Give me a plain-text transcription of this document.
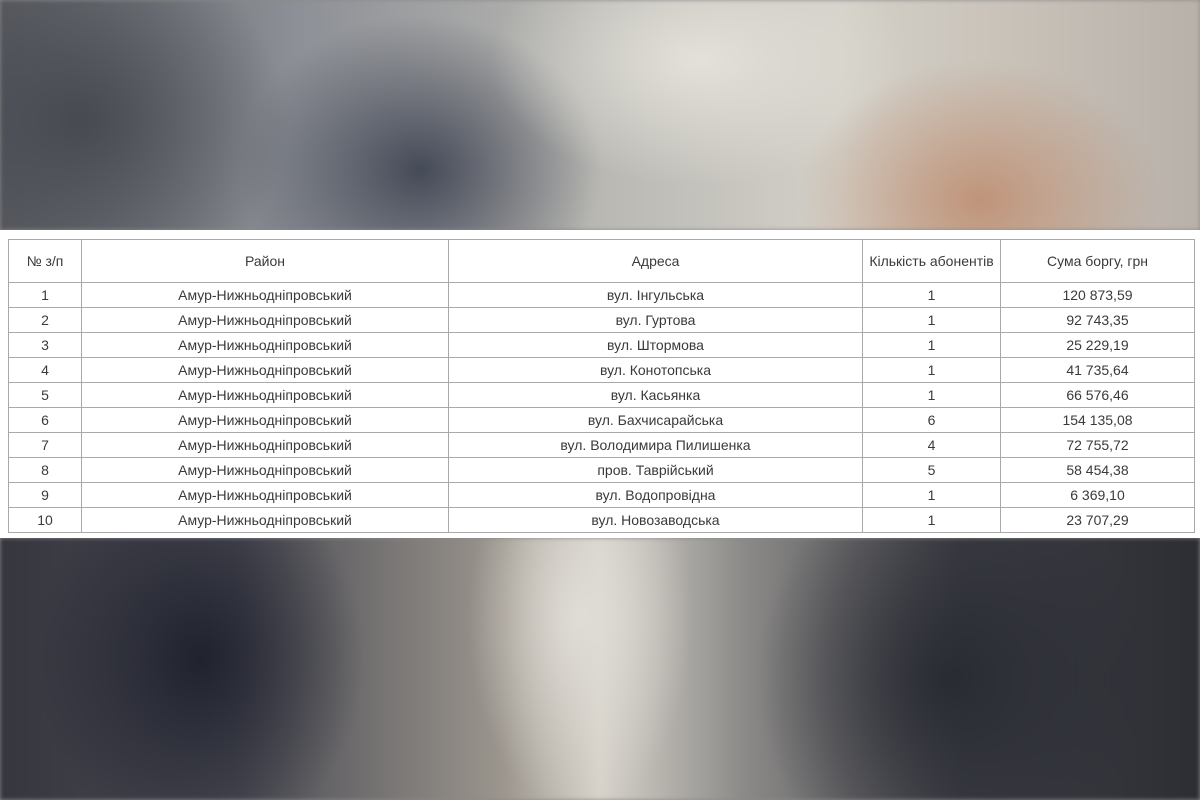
№ з/п	Район	Адреса	Кількість абонентів	Сума боргу, грн
1	Амур-Нижньодніпровський	вул. Інгульська	1	120 873,59
2	Амур-Нижньодніпровський	вул. Гуртова	1	92 743,35
3	Амур-Нижньодніпровський	вул. Штормова	1	25 229,19
4	Амур-Нижньодніпровський	вул. Конотопська	1	41 735,64
5	Амур-Нижньодніпровський	вул. Касьянка	1	66 576,46
6	Амур-Нижньодніпровський	вул. Бахчисарайська	6	154 135,08
7	Амур-Нижньодніпровський	вул. Володимира Пилишенка	4	72 755,72
8	Амур-Нижньодніпровський	пров. Таврійський	5	58 454,38
9	Амур-Нижньодніпровський	вул. Водопровідна	1	6 369,10
10	Амур-Нижньодніпровський	вул. Новозаводська	1	23 707,29
